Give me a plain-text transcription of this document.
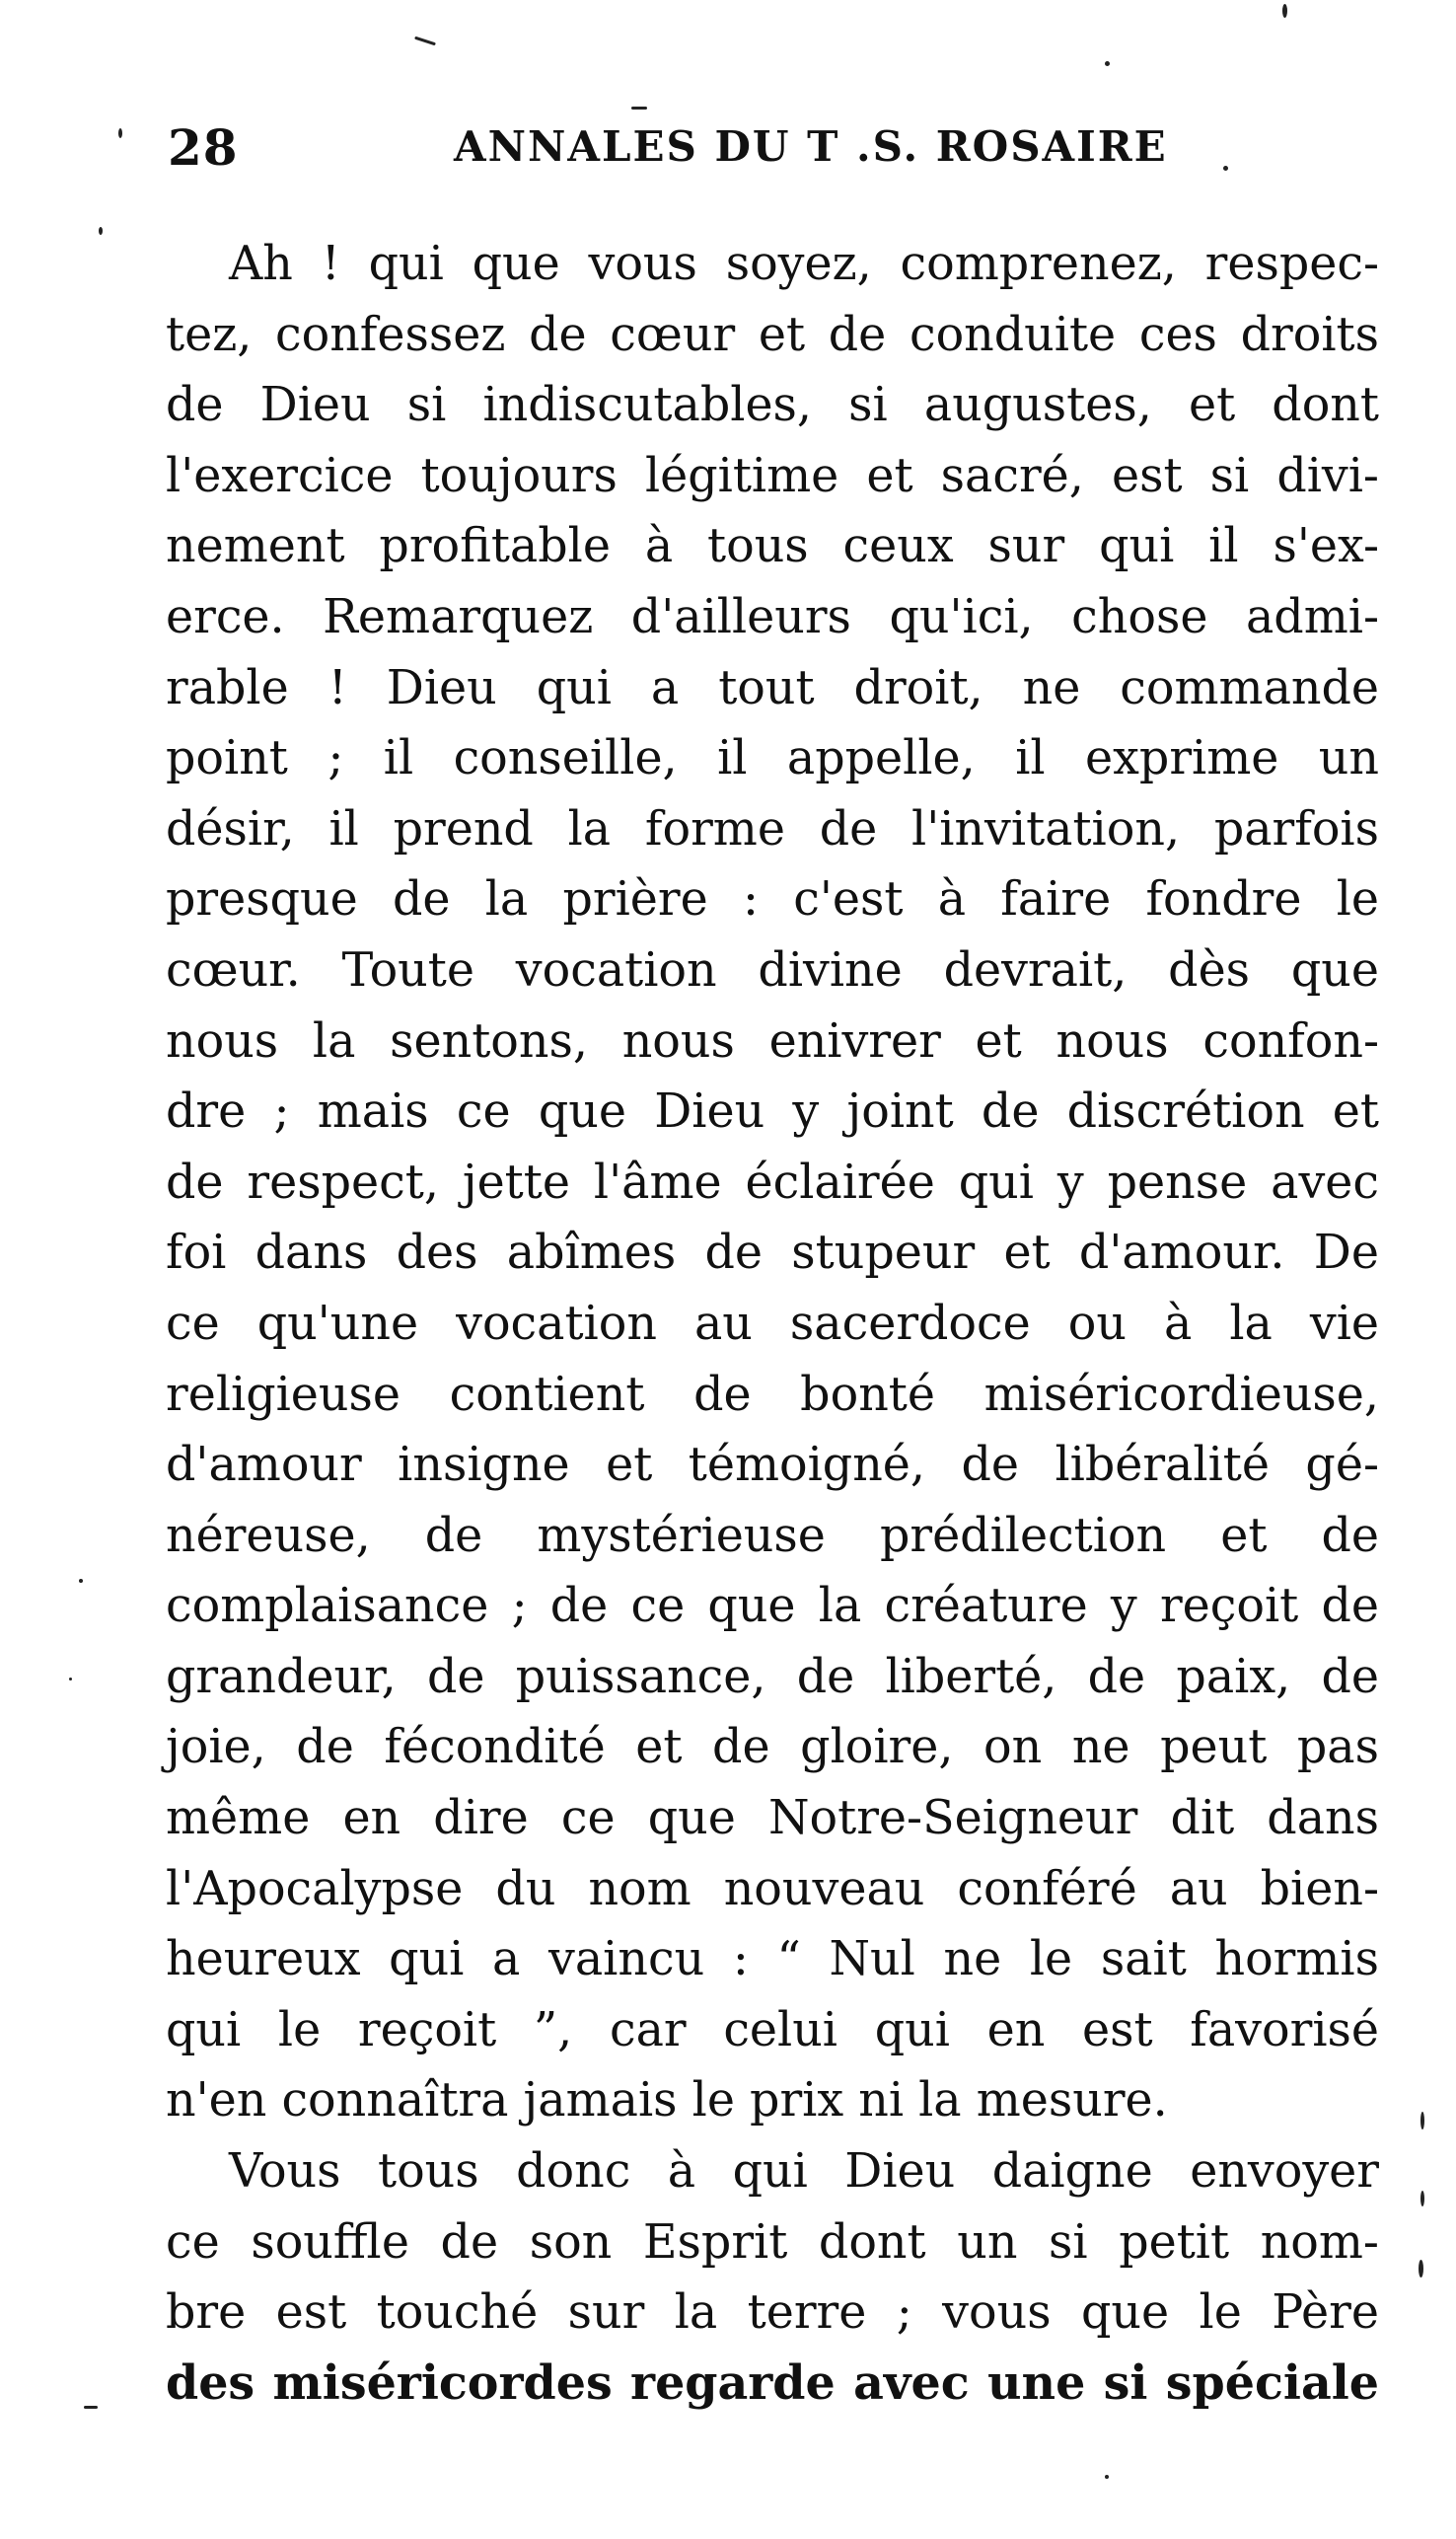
28	ANNALES DU T .S. ROSAIRE

Ah ! qui que vous soyez, comprenez, respec-
tez, confessez de cœur et de conduite ces droits
de Dieu si indiscutables, si augustes, et dont
l'exercice toujours légitime et sacré, est si divi-
nement profitable à tous ceux sur qui il s'ex-
erce. Remarquez d'ailleurs qu'ici, chose admi-
rable ! Dieu qui a tout droit, ne commande
point ; il conseille, il appelle, il exprime un
désir, il prend la forme de l'invitation, parfois
presque de la prière : c'est à faire fondre le
cœur. Toute vocation divine devrait, dès que
nous la sentons, nous enivrer et nous confon-
dre ; mais ce que Dieu y joint de discrétion et
de respect, jette l'âme éclairée qui y pense avec
foi dans des abîmes de stupeur et d'amour. De
ce qu'une vocation au sacerdoce ou à la vie
religieuse contient de bonté miséricordieuse,
d'amour insigne et témoigné, de libéralité gé-
néreuse, de mystérieuse prédilection et de
complaisance ; de ce que la créature y reçoit de
grandeur, de puissance, de liberté, de paix, de
joie, de fécondité et de gloire, on ne peut pas
même en dire ce que Notre-Seigneur dit dans
l'Apocalypse du nom nouveau conféré au bien-
heureux qui a vaincu : “ Nul ne le sait hormis
qui le reçoit ”, car celui qui en est favorisé
n'en connaîtra jamais le prix ni la mesure.

Vous tous donc à qui Dieu daigne envoyer
ce souffle de son Esprit dont un si petit nom-
bre est touché sur la terre ; vous que le Père
des miséricordes regarde avec une si spéciale
